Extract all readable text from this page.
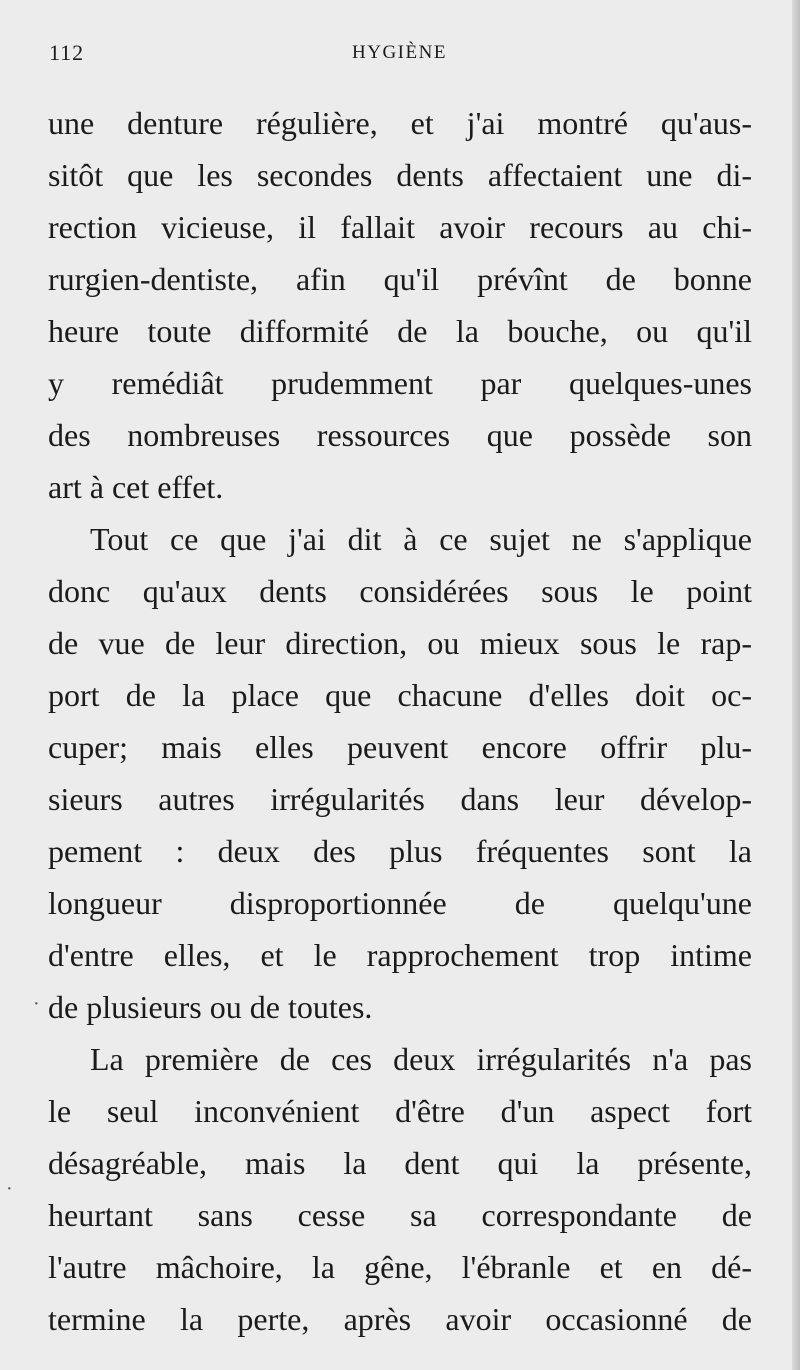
112	HYGIÈNE
une denture régulière, et j'ai montré qu'aus-
sitôt que les secondes dents affectaient une di-
rection vicieuse, il fallait avoir recours au chi-
rurgien-dentiste, afin qu'il prévînt de bonne
heure toute difformité de la bouche, ou qu'il
y remédiât prudemment par quelques-unes
des nombreuses ressources que possède son
art à cet effet.
Tout ce que j'ai dit à ce sujet ne s'applique
donc qu'aux dents considérées sous le point
de vue de leur direction, ou mieux sous le rap-
port de la place que chacune d'elles doit oc-
cuper; mais elles peuvent encore offrir plu-
sieurs autres irrégularités dans leur dévelop-
pement : deux des plus fréquentes sont la
longueur disproportionnée de quelqu'une
d'entre elles, et le rapprochement trop intime
de plusieurs ou de toutes.
La première de ces deux irrégularités n'a pas
le seul inconvénient d'être d'un aspect fort
désagréable, mais la dent qui la présente,
heurtant sans cesse sa correspondante de
l'autre mâchoire, la gêne, l'ébranle et en dé-
termine la perte, après avoir occasionné de
·
·
